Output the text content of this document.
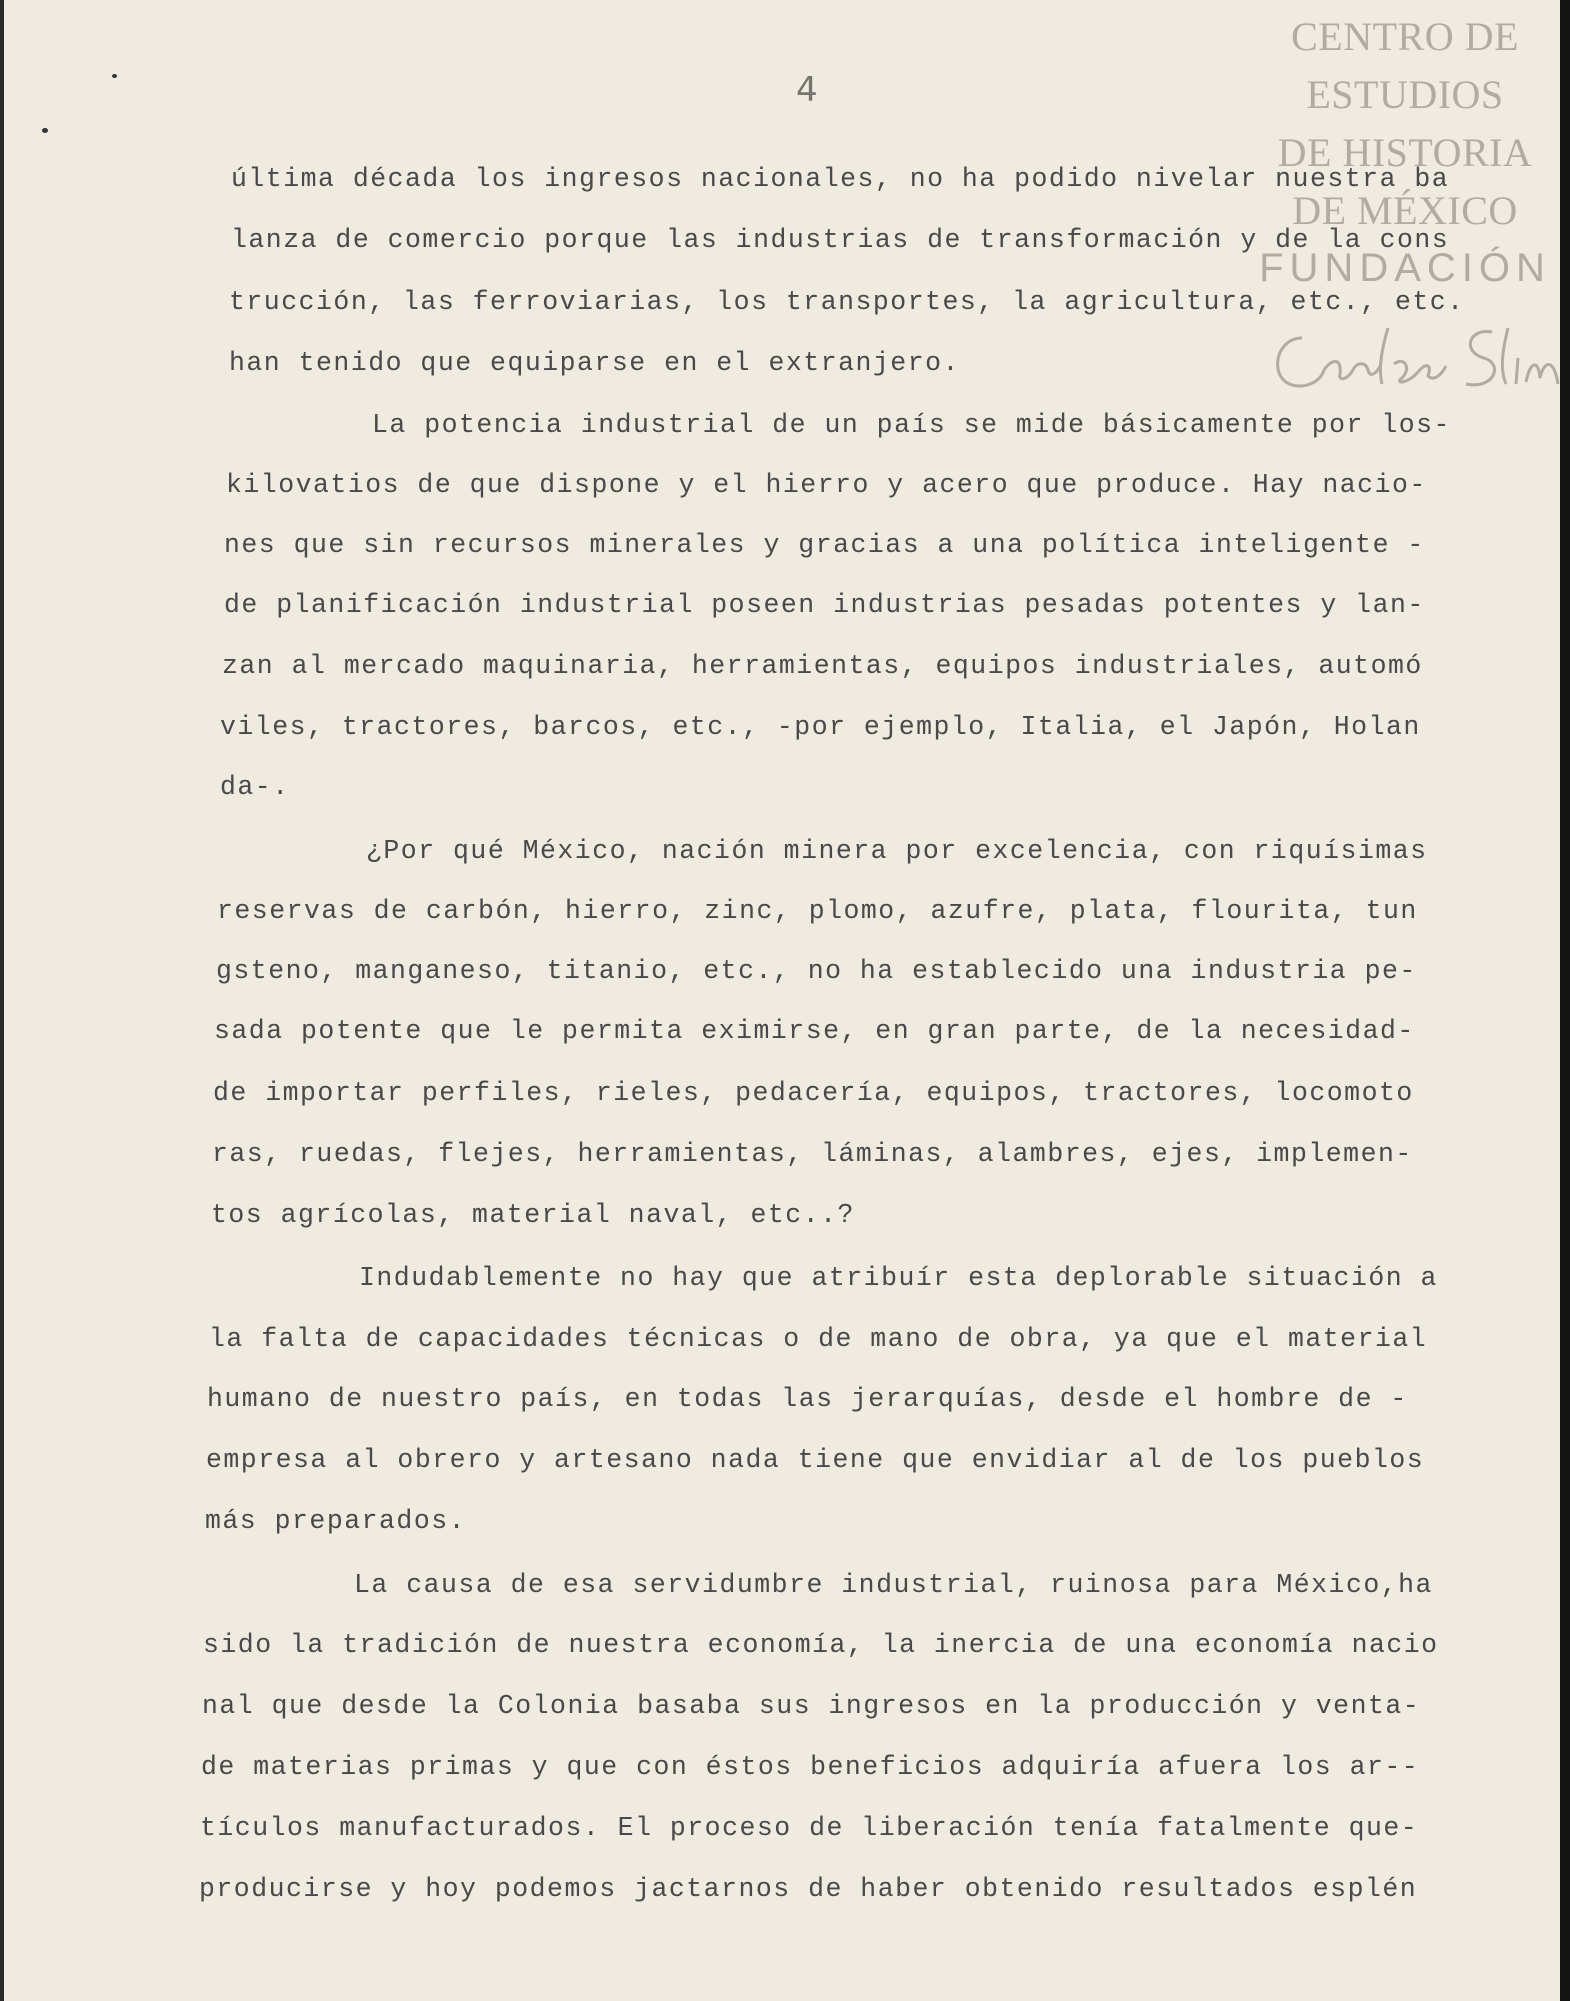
4

CENTRO DE
ESTUDIOS
DE HISTORIA
DE MÉXICO
FUNDACIÓN

última década los ingresos nacionales, no ha podido nivelar nuestra ba

lanza de comercio porque las industrias de transformación y de la cons

trucción, las ferroviarias, los transportes, la agricultura, etc., etc.

han tenido que equiparse en el extranjero.

La potencia industrial de un país se mide básicamente por los-

kilovatios de que dispone y el hierro y acero que produce. Hay nacio-

nes que sin recursos minerales y gracias a una política inteligente -

de planificación industrial poseen industrias pesadas potentes y lan-

zan al mercado maquinaria, herramientas, equipos industriales, automó

viles, tractores, barcos, etc., -por ejemplo, Italia, el Japón, Holan

da-.

¿Por qué México, nación minera por excelencia, con riquísimas

reservas de carbón, hierro, zinc, plomo, azufre, plata, flourita, tun

gsteno, manganeso, titanio, etc., no ha establecido una industria pe-

sada potente que le permita eximirse, en gran parte, de la necesidad-

de importar perfiles, rieles, pedacería, equipos, tractores, locomoto

ras, ruedas, flejes, herramientas, láminas, alambres, ejes, implemen-

tos agrícolas, material naval, etc..?

Indudablemente no hay que atribuír esta deplorable situación a

la falta de capacidades técnicas o de mano de obra, ya que el material

humano de nuestro país, en todas las jerarquías, desde el hombre de -

empresa al obrero y artesano nada tiene que envidiar al de los pueblos

más preparados.

La causa de esa servidumbre industrial, ruinosa para México,ha

sido la tradición de nuestra economía, la inercia de una economía nacio

nal que desde la Colonia basaba sus ingresos en la producción y venta-

de materias primas y que con éstos beneficios adquiría afuera los ar--

tículos manufacturados. El proceso de liberación tenía fatalmente que-

producirse y hoy podemos jactarnos de haber obtenido resultados esplén
